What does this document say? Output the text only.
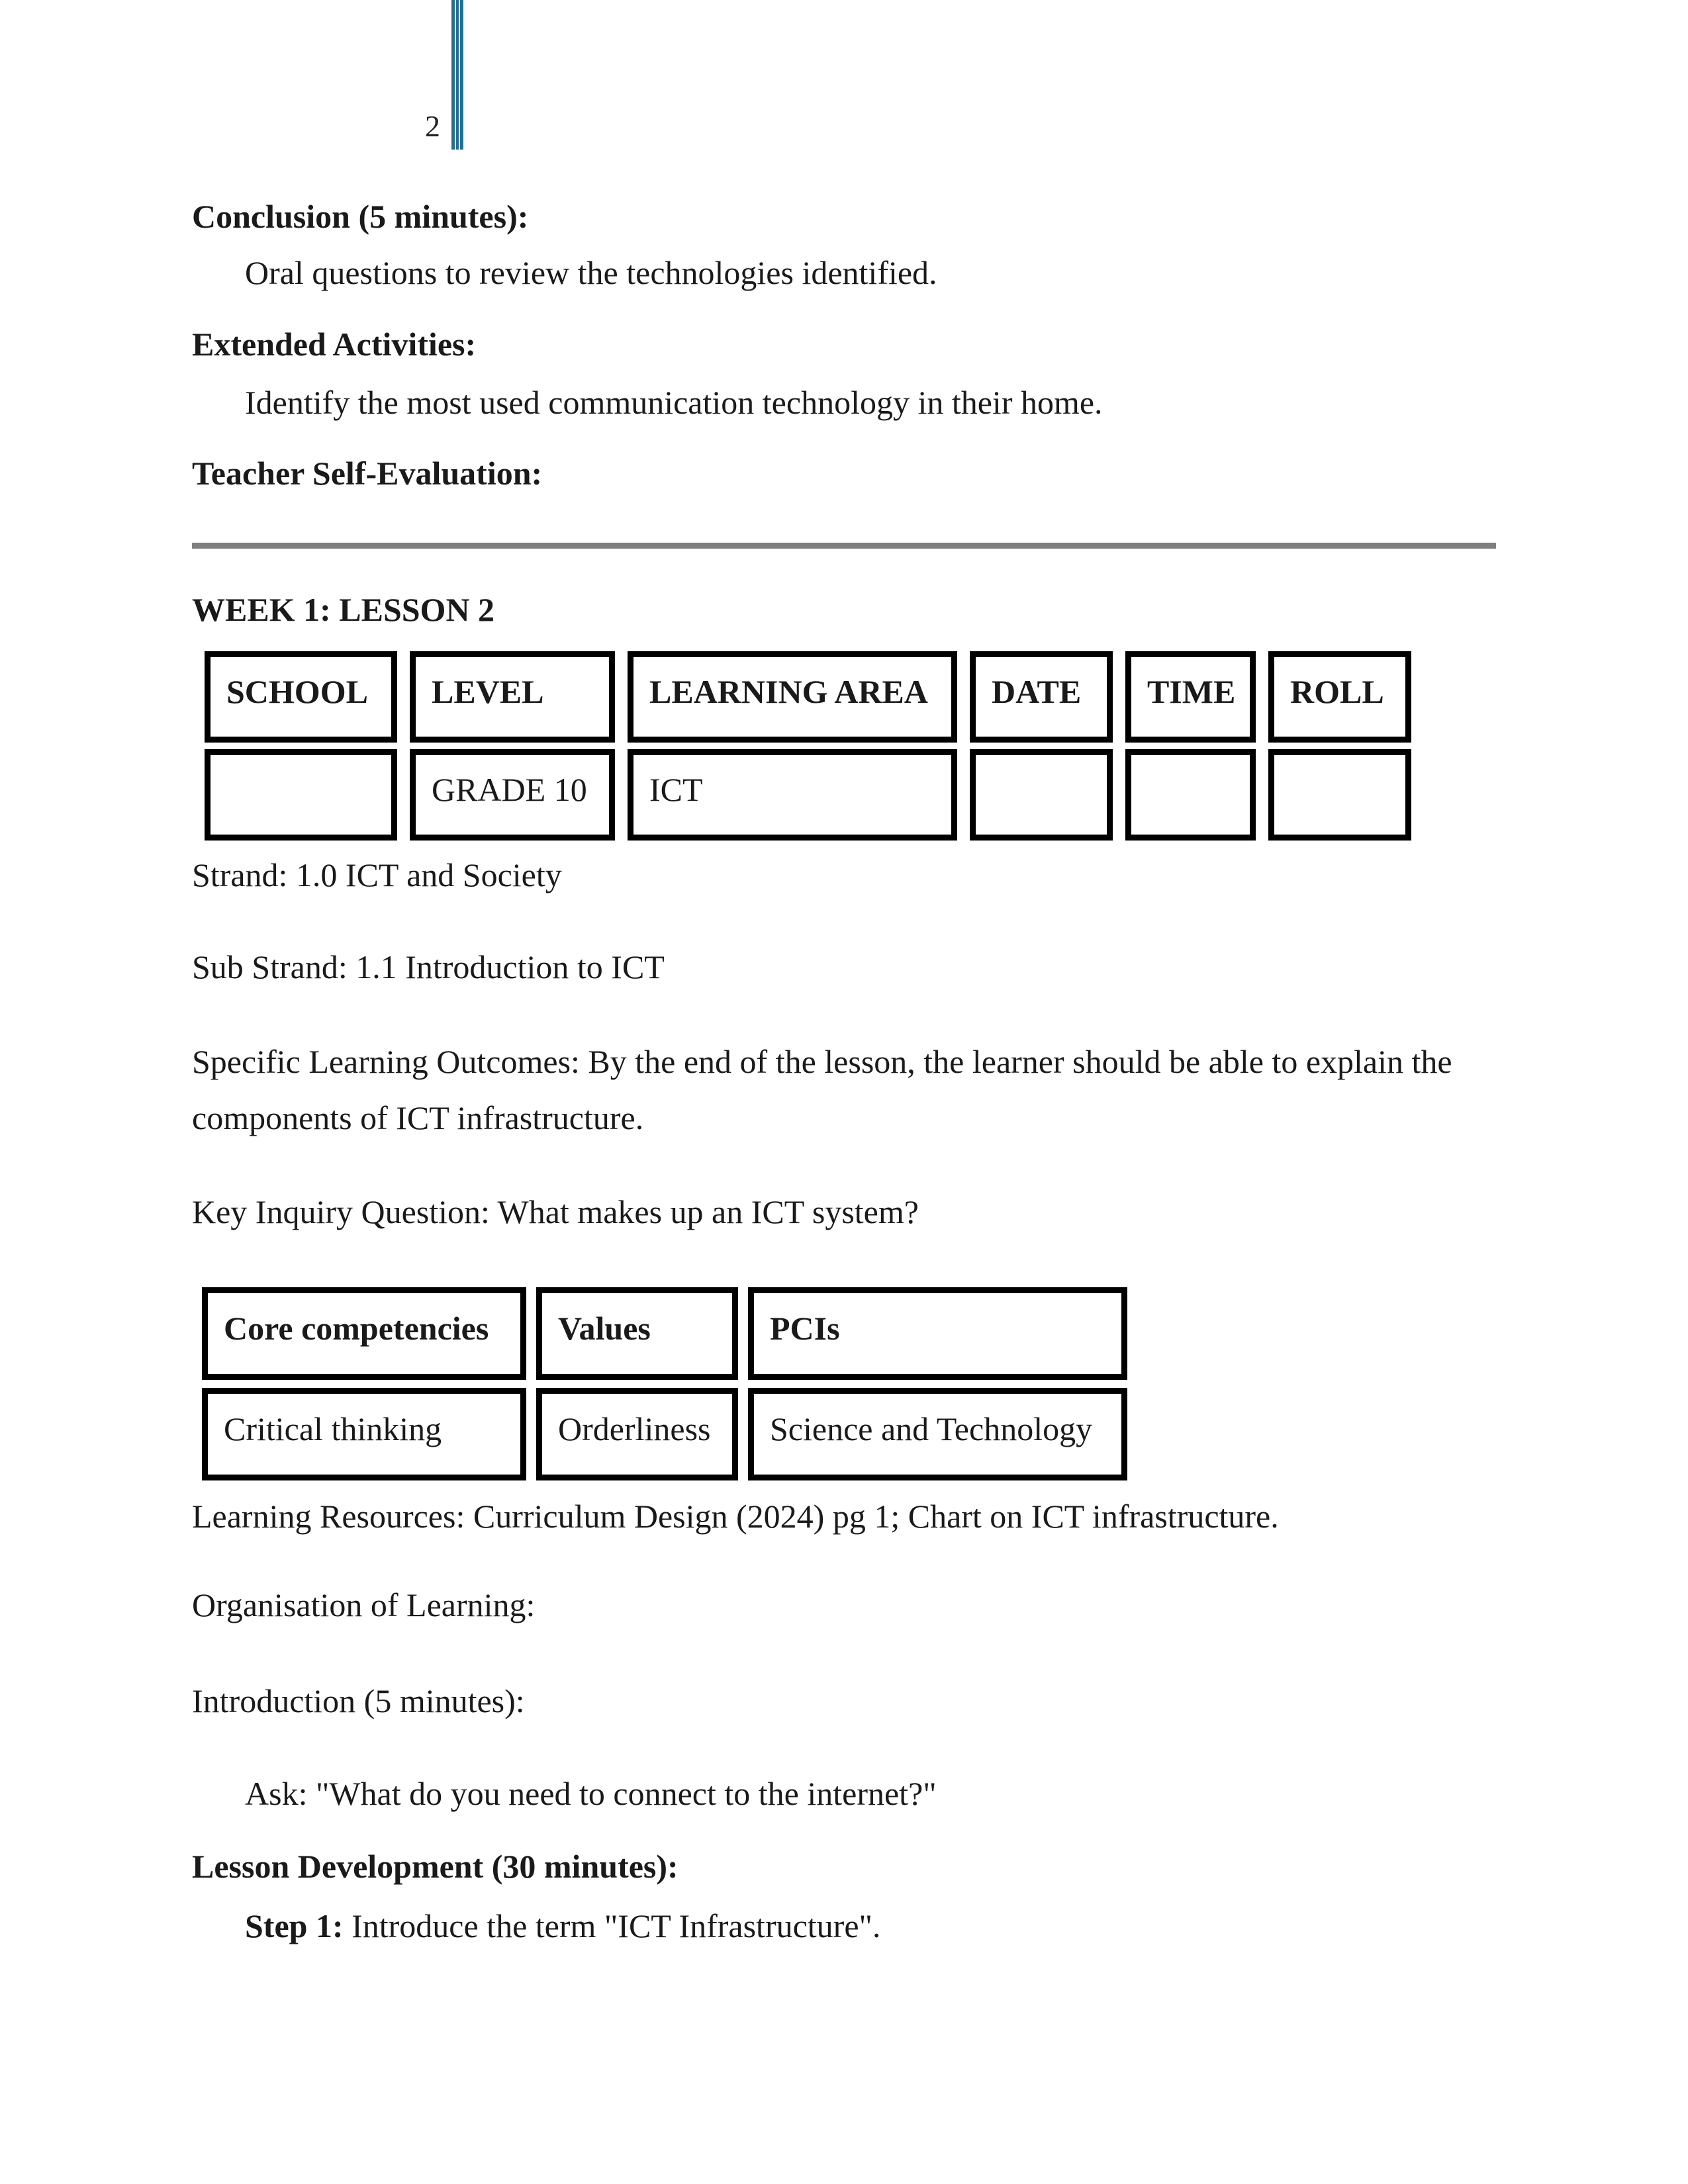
2

Conclusion (5 minutes):

Oral questions to review the technologies identified.

Extended Activities:

Identify the most used communication technology in their home.

Teacher Self-Evaluation:

WEEK 1: LESSON 2

SCHOOL	LEVEL	LEARNING AREA	DATE	TIME	ROLL
	GRADE 10	ICT			

Strand: 1.0 ICT and Society

Sub Strand: 1.1 Introduction to ICT

Specific Learning Outcomes: By the end of the lesson, the learner should be able to explain the components of ICT infrastructure.

Key Inquiry Question: What makes up an ICT system?

Core competencies	Values	PCIs
Critical thinking	Orderliness	Science and Technology

Learning Resources: Curriculum Design (2024) pg 1; Chart on ICT infrastructure.

Organisation of Learning:

Introduction (5 minutes):

Ask: "What do you need to connect to the internet?"

Lesson Development (30 minutes):

Step 1: Introduce the term "ICT Infrastructure".
